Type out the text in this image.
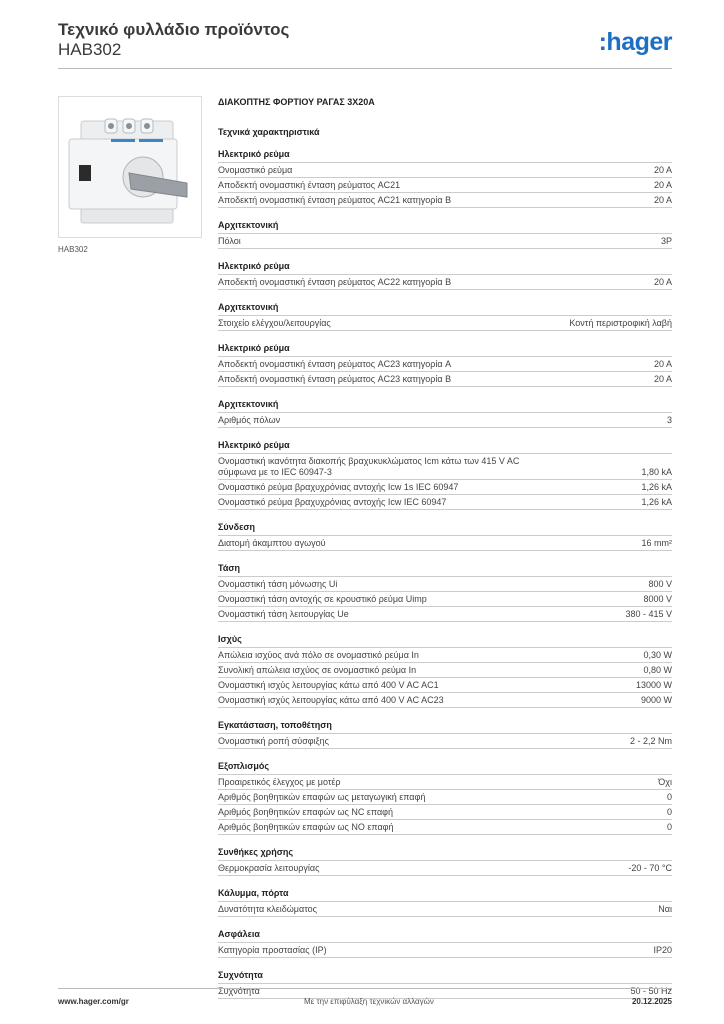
Τεχνικό φυλλάδιο προϊόντος
HAB302	:hager
HAB302
ΔΙΑΚΟΠΤΗΣ ΦΟΡΤΙΟΥ ΡΑΓΑΣ 3Χ20Α
Τεχνικά χαρακτηριστικά
Ηλεκτρικό ρεύμα
Ονομαστικό ρεύμα	20 A
Αποδεκτή ονομαστική ένταση ρεύματος AC21	20 A
Αποδεκτή ονομαστική ένταση ρεύματος AC21 κατηγορία B	20 A
Αρχιτεκτονική
Πόλοι	3P
Ηλεκτρικό ρεύμα
Αποδεκτή ονομαστική ένταση ρεύματος AC22 κατηγορία B	20 A
Αρχιτεκτονική
Στοιχείο ελέγχου/λειτουργίας	Κοντή περιστροφική λαβή
Ηλεκτρικό ρεύμα
Αποδεκτή ονομαστική ένταση ρεύματος AC23 κατηγορία A	20 A
Αποδεκτή ονομαστική ένταση ρεύματος AC23 κατηγορία B	20 A
Αρχιτεκτονική
Αριθμός πόλων	3
Ηλεκτρικό ρεύμα
Ονομαστική ικανότητα διακοπής βραχυκυκλώματος Icm κάτω των 415 V AC σύμφωνα με το IEC 60947-3	1,80 kA
Ονομαστικό ρεύμα βραχυχρόνιας αντοχής Icw 1s IEC 60947	1,26 kA
Ονομαστικό ρεύμα βραχυχρόνιας αντοχής Icw IEC 60947	1,26 kA
Σύνδεση
Διατομή άκαμπτου αγωγού	16 mm²
Τάση
Ονομαστική τάση μόνωσης Ui	800 V
Ονομαστική τάση αντοχής σε κρουστικό ρεύμα Uimp	8000 V
Ονομαστική τάση λειτουργίας Ue	380 - 415 V
Ισχύς
Απώλεια ισχύος ανά πόλο σε ονομαστικό ρεύμα In	0,30 W
Συνολική απώλεια ισχύος σε ονομαστικό ρεύμα In	0,80 W
Ονομαστική ισχύς λειτουργίας κάτω από 400 V AC AC1	13000 W
Ονομαστική ισχύς λειτουργίας κάτω από 400 V AC AC23	9000 W
Εγκατάσταση, τοποθέτηση
Ονομαστική ροπή σύσφιξης	2 - 2,2 Nm
Εξοπλισμός
Προαιρετικός έλεγχος με μοτέρ	Όχι
Αριθμός βοηθητικών επαφών ως μεταγωγική επαφή	0
Αριθμός βοηθητικών επαφών ως NC επαφή	0
Αριθμός βοηθητικών επαφών ως NO επαφή	0
Συνθήκες χρήσης
Θερμοκρασία λειτουργίας	-20 - 70 °C
Κάλυμμα, πόρτα
Δυνατότητα κλειδώματος	Ναι
Ασφάλεια
Κατηγορία προστασίας (IP)	IP20
Συχνότητα
Συχνότητα	50 - 50 Hz
www.hager.com/gr	Με την επιφύλαξη τεχνικών αλλαγών	20.12.2025
